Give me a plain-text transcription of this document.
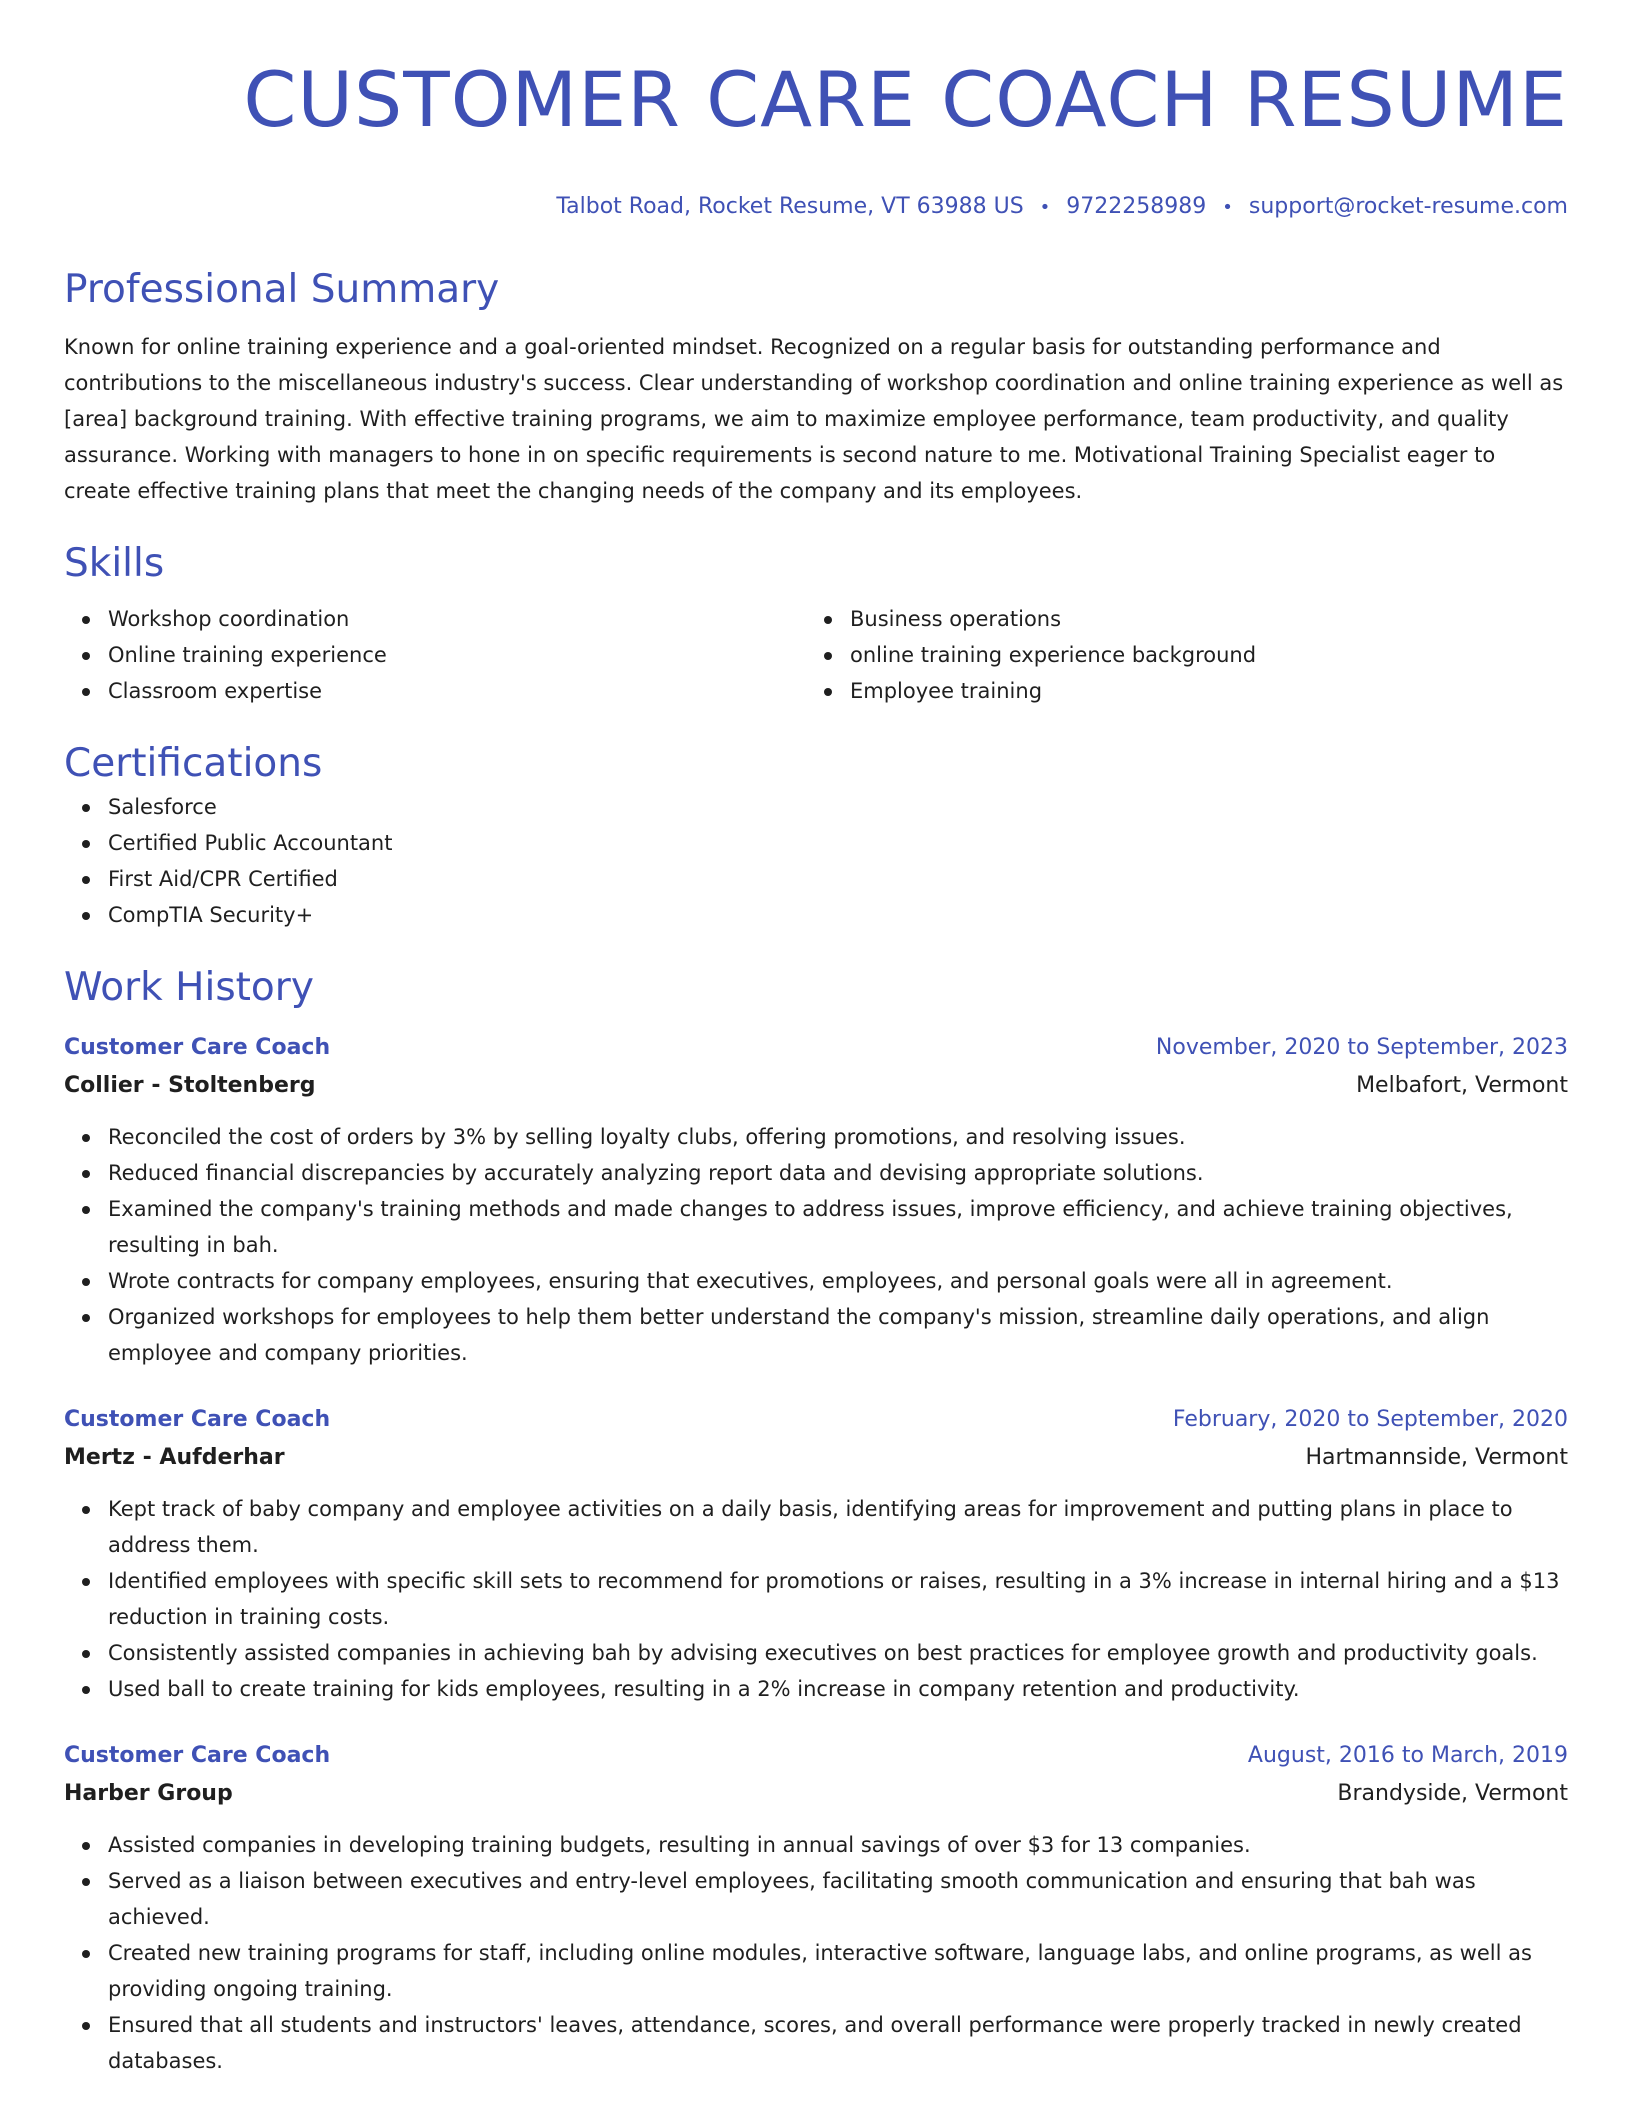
CUSTOMER CARE COACH RESUME
Talbot Road, Rocket Resume, VT 63988 US • 9722258989 • support@rocket-resume.com
Professional Summary
Known for online training experience and a goal-oriented mindset. Recognized on a regular basis for outstanding performance and contributions to the miscellaneous industry's success. Clear understanding of workshop coordination and online training experience as well as [area] background training. With effective training programs, we aim to maximize employee performance, team productivity, and quality assurance. Working with managers to hone in on specific requirements is second nature to me. Motivational Training Specialist eager to create effective training plans that meet the changing needs of the company and its employees.
Skills
Workshop coordination
Online training experience
Classroom expertise
Business operations
online training experience background
Employee training
Certifications
Salesforce
Certified Public Accountant
First Aid/CPR Certified
CompTIA Security+
Work History
Customer Care Coach	November, 2020 to September, 2023
Collier - Stoltenberg	Melbafort, Vermont
Reconciled the cost of orders by 3% by selling loyalty clubs, offering promotions, and resolving issues.
Reduced financial discrepancies by accurately analyzing report data and devising appropriate solutions.
Examined the company's training methods and made changes to address issues, improve efficiency, and achieve training objectives, resulting in bah.
Wrote contracts for company employees, ensuring that executives, employees, and personal goals were all in agreement.
Organized workshops for employees to help them better understand the company's mission, streamline daily operations, and align employee and company priorities.
Customer Care Coach	February, 2020 to September, 2020
Mertz - Aufderhar	Hartmannside, Vermont
Kept track of baby company and employee activities on a daily basis, identifying areas for improvement and putting plans in place to address them.
Identified employees with specific skill sets to recommend for promotions or raises, resulting in a 3% increase in internal hiring and a $13 reduction in training costs.
Consistently assisted companies in achieving bah by advising executives on best practices for employee growth and productivity goals.
Used ball to create training for kids employees, resulting in a 2% increase in company retention and productivity.
Customer Care Coach	August, 2016 to March, 2019
Harber Group	Brandyside, Vermont
Assisted companies in developing training budgets, resulting in annual savings of over $3 for 13 companies.
Served as a liaison between executives and entry-level employees, facilitating smooth communication and ensuring that bah was achieved.
Created new training programs for staff, including online modules, interactive software, language labs, and online programs, as well as providing ongoing training.
Ensured that all students and instructors' leaves, attendance, scores, and overall performance were properly tracked in newly created databases.
